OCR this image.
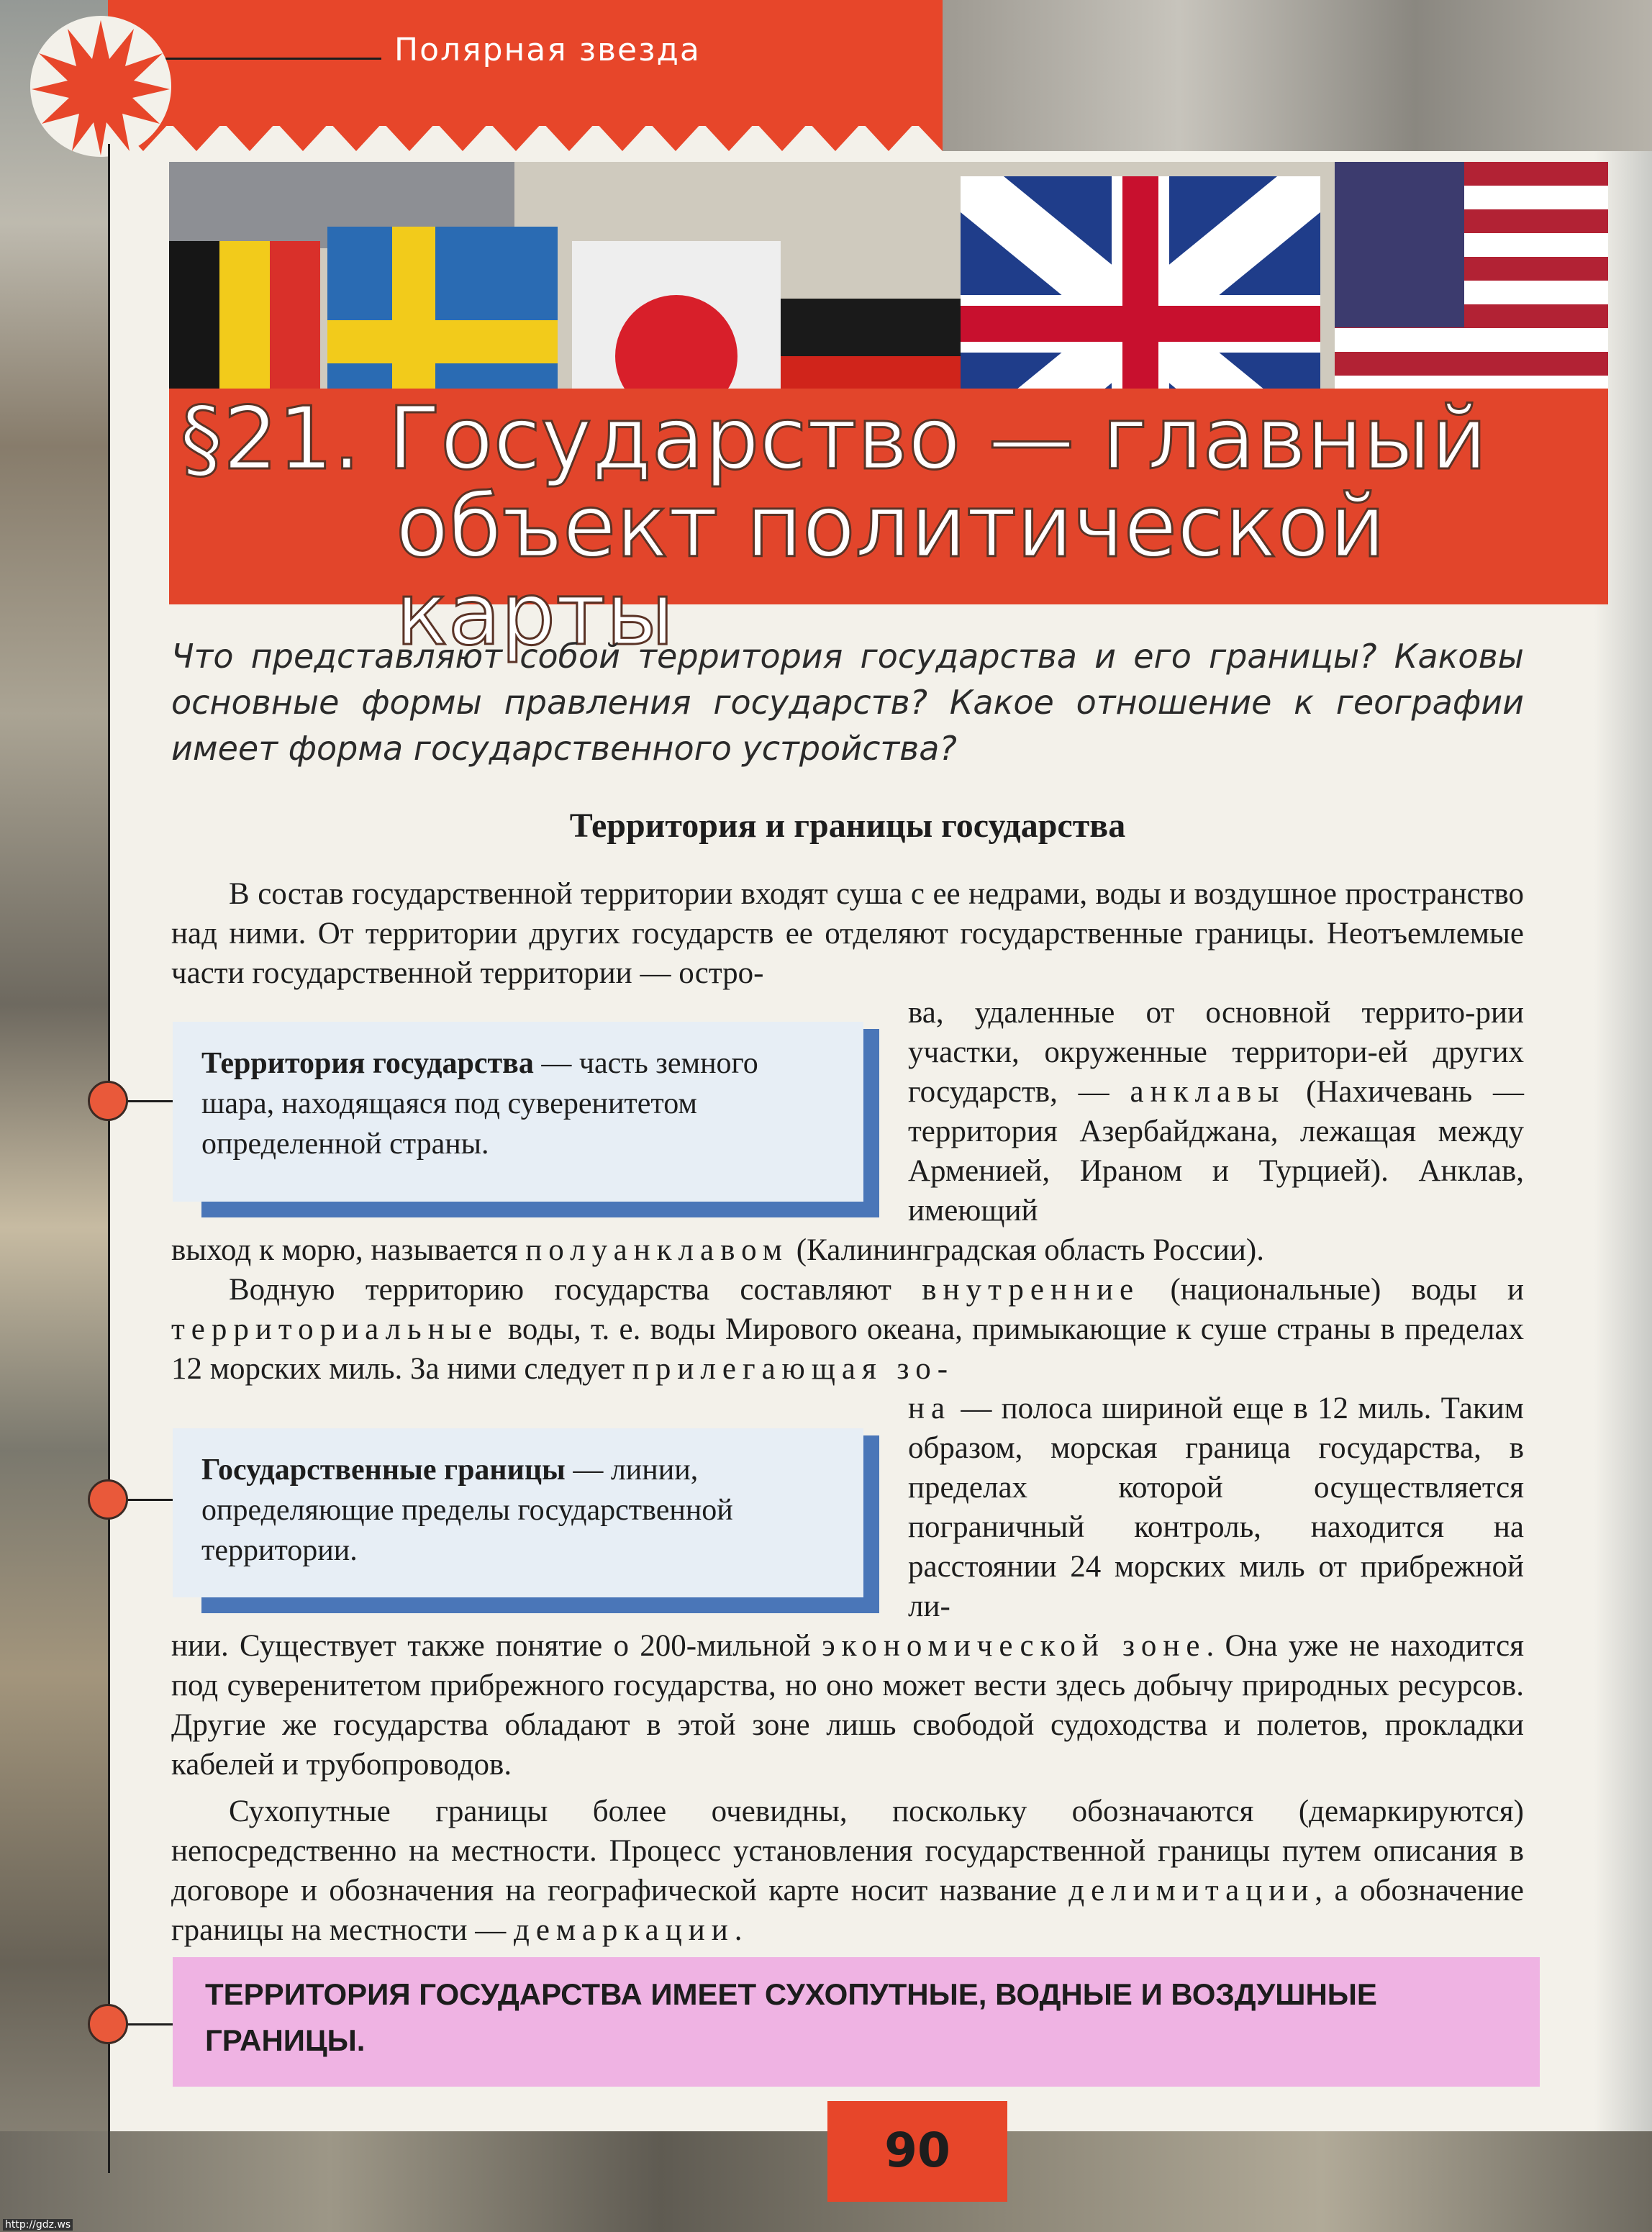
Полярная звезда
§21. Государство — главный
объект политической карты
Что представляют собой территория государства и его границы? Каковы основные формы правления государств? Какое отношение к географии имеет форма государственного устройства?
Территория и границы государства
В состав государственной территории входят суша с ее недрами, воды и воздушное пространство над ними. От территории других государств ее отделяют государственные границы. Неотъемлемые части государственной территории — остро-
ва, удаленные от основной террито-рии участки, окруженные территори-ей других государств, — анклавы (Нахичевань — территория Азербайджана, лежащая между Арменией, Ираном и Турцией). Анклав, имеющий
выход к морю, называется полуанклавом (Калининградская область России).
Территория государства — часть земного шара, находящаяся под суверенитетом определенной страны.
Водную территорию государства составляют внутренние (национальные) воды и территориальные воды, т. е. воды Мирового океана, примыкающие к суше страны в пределах 12 морских миль. За ними следует прилегающая зо-
на — полоса шириной еще в 12 миль. Таким образом, морская граница государства, в пределах которой осуществляется пограничный контроль, находится на расстоянии 24 морских миль от прибрежной ли-
нии. Существует также понятие о 200-мильной экономической зоне. Она уже не находится под суверенитетом прибрежного государства, но оно может вести здесь добычу природных ресурсов. Другие же государства обладают в этой зоне лишь свободой судоходства и полетов, прокладки кабелей и трубопроводов.
Государственные границы — линии, определяющие пределы государственной территории.
Сухопутные границы более очевидны, поскольку обозначаются (демаркируются) непосредственно на местности. Процесс установления государственной границы путем описания в договоре и обозначения на географической карте носит название делимитации, а обозначение границы на местности — демаркации.
ТЕРРИТОРИЯ ГОСУДАРСТВА ИМЕЕТ СУХОПУТНЫЕ, ВОДНЫЕ И ВОЗДУШНЫЕ ГРАНИЦЫ.
90
http://gdz.ws
